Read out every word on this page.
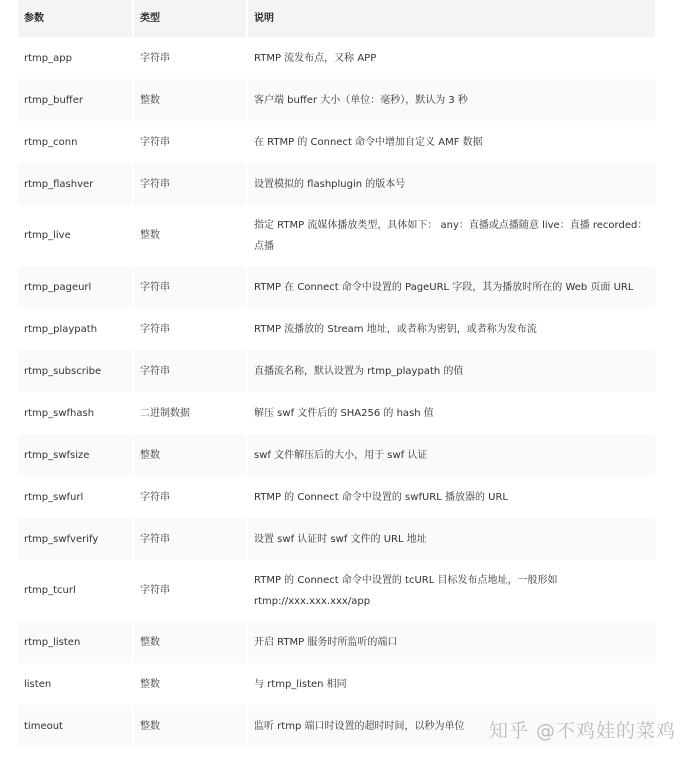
参数	类型	说明
rtmp_app	字符串	RTMP 流发布点，又称 APP
rtmp_buffer	整数	客户端 buffer 大小（单位：毫秒），默认为 3 秒
rtmp_conn	字符串	在 RTMP 的 Connect 命令中增加自定义 AMF 数据
rtmp_flashver	字符串	设置模拟的 flashplugin 的版本号
rtmp_live	整数	指定 RTMP 流媒体播放类型，具体如下： any：直播或点播随意 live：直播 recorded：点播
rtmp_pageurl	字符串	RTMP 在 Connect 命令中设置的 PageURL 字段，其为播放时所在的 Web 页面 URL
rtmp_playpath	字符串	RTMP 流播放的 Stream 地址，或者称为密钥，或者称为发布流
rtmp_subscribe	字符串	直播流名称，默认设置为 rtmp_playpath 的值
rtmp_swfhash	二进制数据	解压 swf 文件后的 SHA256 的 hash 值
rtmp_swfsize	整数	swf 文件解压后的大小，用于 swf 认证
rtmp_swfurl	字符串	RTMP 的 Connect 命令中设置的 swfURL 播放器的 URL
rtmp_swfverify	字符串	设置 swf 认证时 swf 文件的 URL 地址
rtmp_tcurl	字符串	RTMP 的 Connect 命令中设置的 tcURL 目标发布点地址，一般形如 rtmp://xxx.xxx.xxx/app
rtmp_listen	整数	开启 RTMP 服务时所监听的端口
listen	整数	与 rtmp_listen 相同
timeout	整数	监听 rtmp 端口时设置的超时时间，以秒为单位 知乎 @不鸡娃的菜鸡
